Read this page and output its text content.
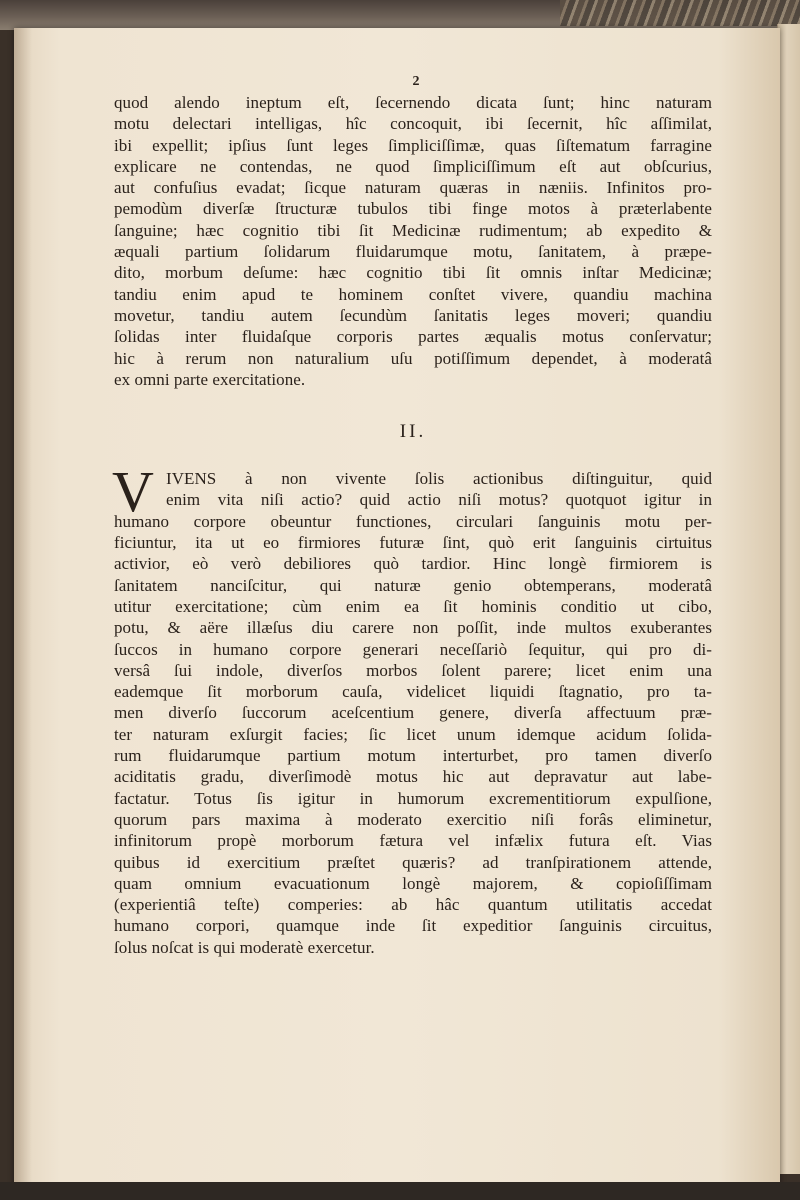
2
quod alendo ineptum eſt, ſecernendo dicata ſunt; hinc naturam
motu delectari intelligas, hîc concoquit, ibi ſecernit, hîc aſſimilat,
ibi expellit; ipſius ſunt leges ſimpliciſſimæ, quas ſiſtematum farragine
explicare ne contendas, ne quod ſimpliciſſimum eſt aut obſcurius,
aut confuſius evadat; ſicque naturam quæras in næniis. Infinitos pro-
pemodùm diverſæ ſtructuræ tubulos tibi finge motos à præterlabente
ſanguine; hæc cognitio tibi ſit Medicinæ rudimentum; ab expedito &
æquali partium ſolidarum fluidarumque motu, ſanitatem, à præpe-
dito, morbum deſume: hæc cognitio tibi ſit omnis inſtar Medicinæ;
tandiu enim apud te hominem conſtet vivere, quandiu machina
movetur, tandiu autem ſecundùm ſanitatis leges moveri; quandiu
ſolidas inter fluidaſque corporis partes æqualis motus conſervatur;
hic à rerum non naturalium uſu potiſſimum dependet, à moderatâ
ex omni parte exercitatione.
II.
V IVENS à non vivente ſolis actionibus diſtinguitur, quid
enim vita niſi actio? quid actio niſi motus? quotquot igitur in
humano corpore obeuntur functiones, circulari ſanguinis motu per-
ficiuntur, ita ut eo firmiores futuræ ſint, quò erit ſanguinis cirtuitus
activior, eò verò debiliores quò tardior. Hinc longè firmiorem is
ſanitatem nanciſcitur, qui naturæ genio obtemperans, moderatâ
utitur exercitatione; cùm enim ea ſit hominis conditio ut cibo,
potu, & aëre illæſus diu carere non poſſit, inde multos exuberantes
ſuccos in humano corpore generari neceſſariò ſequitur, qui pro di-
versâ ſui indole, diverſos morbos ſolent parere; licet enim una
eademque ſit morborum cauſa, videlicet liquidi ſtagnatio, pro ta-
men diverſo ſuccorum aceſcentium genere, diverſa affectuum præ-
ter naturam exſurgit facies; ſic licet unum idemque acidum ſolida-
rum fluidarumque partium motum interturbet, pro tamen diverſo
aciditatis gradu, diverſimodè motus hic aut depravatur aut labe-
factatur. Totus ſis igitur in humorum excrementitiorum expulſione,
quorum pars maxima à moderato exercitio niſi forâs eliminetur,
infinitorum propè morborum fætura vel infælix futura eſt. Vias
quibus id exercitium præſtet quæris? ad tranſpirationem attende,
quam omnium evacuationum longè majorem, & copioſiſſimam
(experientiâ teſte) comperies: ab hâc quantum utilitatis accedat
humano corpori, quamque inde ſit expeditior ſanguinis circuitus,
ſolus noſcat is qui moderatè exercetur.
